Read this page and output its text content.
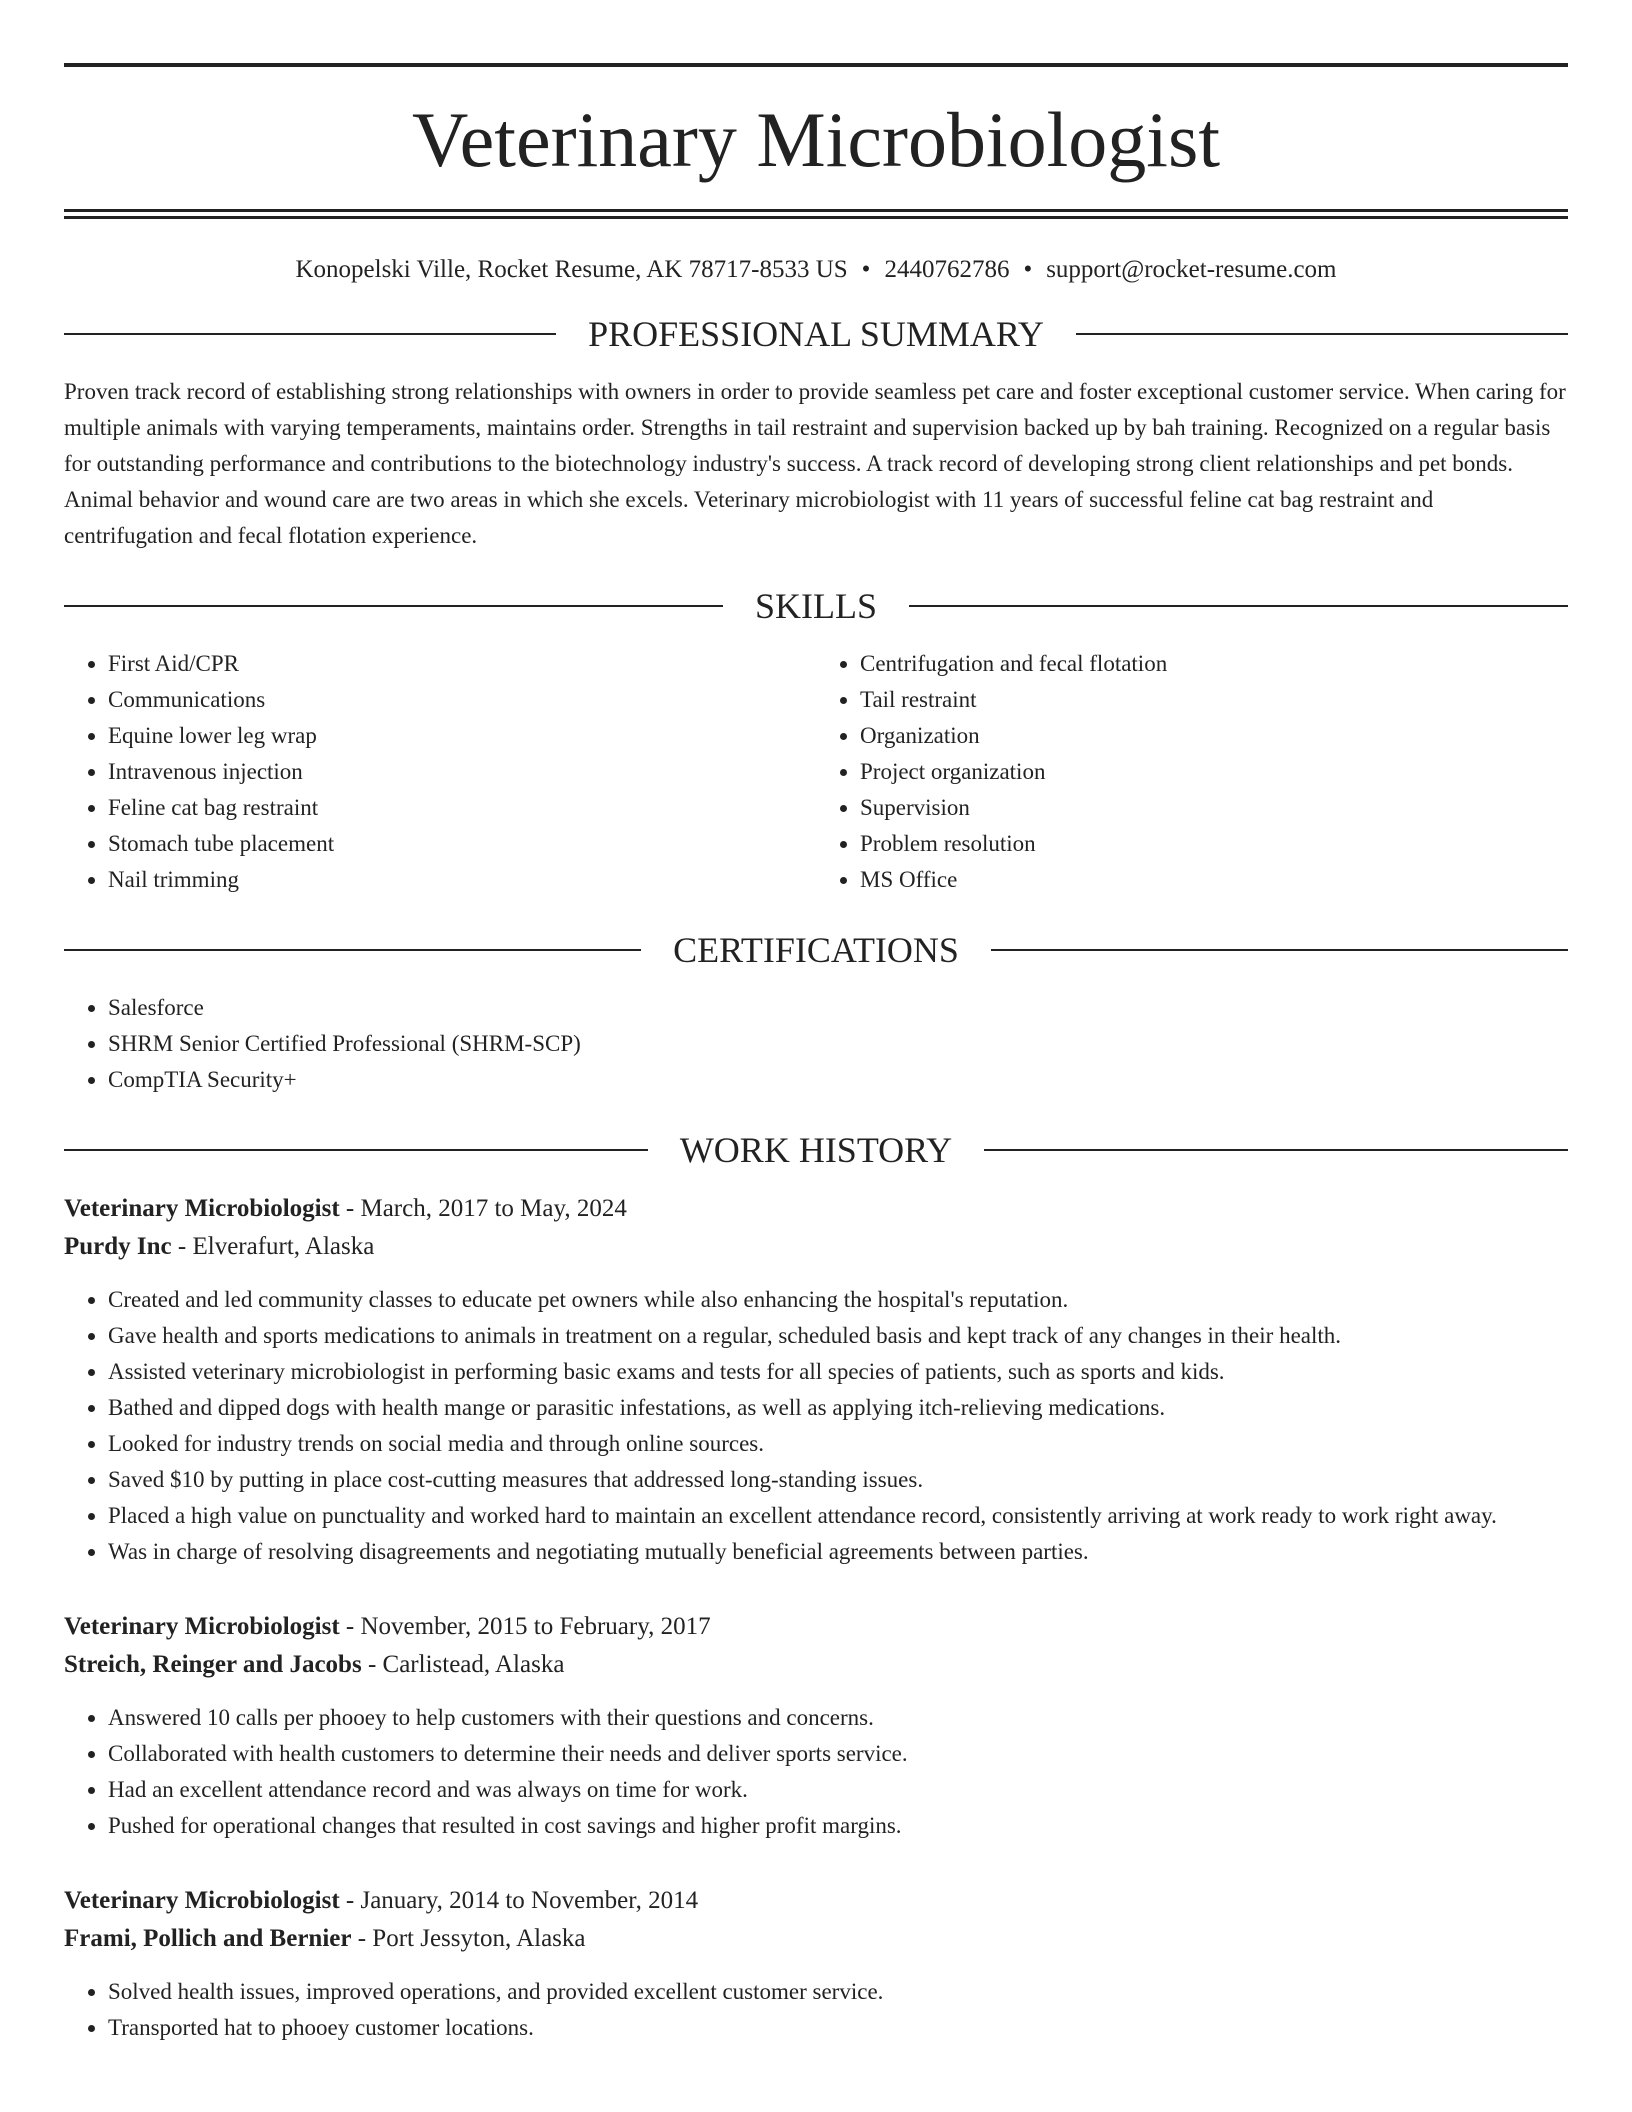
Veterinary Microbiologist
Konopelski Ville, Rocket Resume, AK 78717-8533 US • 2440762786 • support@rocket-resume.com
PROFESSIONAL SUMMARY

Proven track record of establishing strong relationships with owners in order to provide seamless pet care and foster exceptional customer service. When caring for multiple animals with varying temperaments, maintains order. Strengths in tail restraint and supervision backed up by bah training. Recognized on a regular basis for outstanding performance and contributions to the biotechnology industry's success. A track record of developing strong client relationships and pet bonds. Animal behavior and wound care are two areas in which she excels. Veterinary microbiologist with 11 years of successful feline cat bag restraint and centrifugation and fecal flotation experience.

SKILLS
• First Aid/CPR
• Communications
• Equine lower leg wrap
• Intravenous injection
• Feline cat bag restraint
• Stomach tube placement
• Nail trimming
• Centrifugation and fecal flotation
• Tail restraint
• Organization
• Project organization
• Supervision
• Problem resolution
• MS Office
CERTIFICATIONS
• Salesforce
• SHRM Senior Certified Professional (SHRM-SCP)
• CompTIA Security+
WORK HISTORY
Veterinary Microbiologist - March, 2017 to May, 2024
Purdy Inc - Elverafurt, Alaska
• Created and led community classes to educate pet owners while also enhancing the hospital's reputation.
• Gave health and sports medications to animals in treatment on a regular, scheduled basis and kept track of any changes in their health.
• Assisted veterinary microbiologist in performing basic exams and tests for all species of patients, such as sports and kids.
• Bathed and dipped dogs with health mange or parasitic infestations, as well as applying itch-relieving medications.
• Looked for industry trends on social media and through online sources.
• Saved $10 by putting in place cost-cutting measures that addressed long-standing issues.
• Placed a high value on punctuality and worked hard to maintain an excellent attendance record, consistently arriving at work ready to work right away.
• Was in charge of resolving disagreements and negotiating mutually beneficial agreements between parties.
Veterinary Microbiologist - November, 2015 to February, 2017
Streich, Reinger and Jacobs - Carlistead, Alaska
• Answered 10 calls per phooey to help customers with their questions and concerns.
• Collaborated with health customers to determine their needs and deliver sports service.
• Had an excellent attendance record and was always on time for work.
• Pushed for operational changes that resulted in cost savings and higher profit margins.
Veterinary Microbiologist - January, 2014 to November, 2014
Frami, Pollich and Bernier - Port Jessyton, Alaska
• Solved health issues, improved operations, and provided excellent customer service.
• Transported hat to phooey customer locations.
